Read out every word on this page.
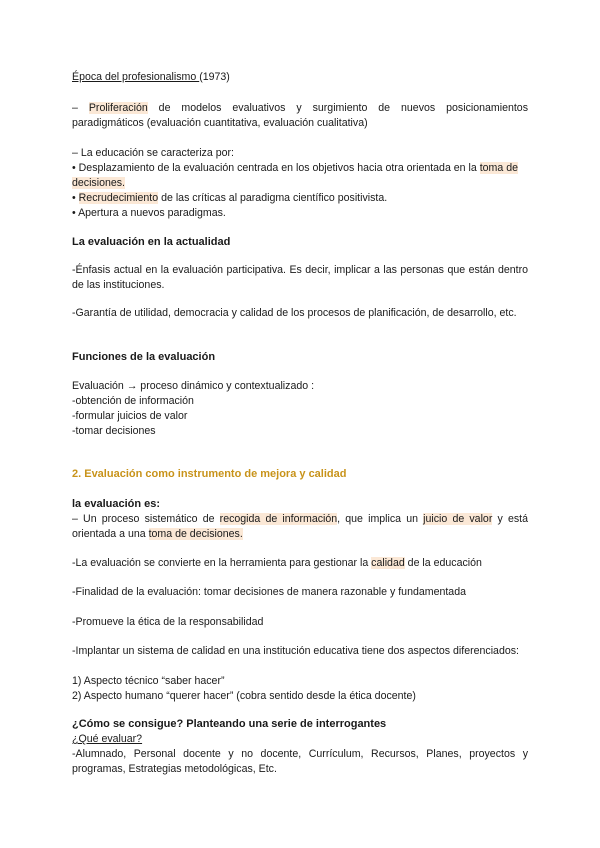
Época del profesionalismo (1973)

– Proliferación de modelos evaluativos y surgimiento de nuevos posicionamientos paradigmáticos (evaluación cuantitativa, evaluación cualitativa)

– La educación se caracteriza por:

• Desplazamiento de la evaluación centrada en los objetivos hacia otra orientada en la toma de decisiones.

• Recrudecimiento de las críticas al paradigma científico positivista.

• Apertura a nuevos paradigmas.

La evaluación en la actualidad

-Énfasis actual en la evaluación participativa. Es decir, implicar a las personas que están dentro de las instituciones.

-Garantía de utilidad, democracia y calidad de los procesos de planificación, de desarrollo, etc.

Funciones de la evaluación

Evaluación → proceso dinámico y contextualizado :

-obtención de información

-formular juicios de valor

-tomar decisiones

2. Evaluación como instrumento de mejora y calidad

la evaluación es:

– Un proceso sistemático de recogida de información, que implica un juicio de valor y está orientada a una toma de decisiones.

-La evaluación se convierte en la herramienta para gestionar la calidad de la educación

-Finalidad de la evaluación: tomar decisiones de manera razonable y fundamentada

-Promueve la ética de la responsabilidad

-Implantar un sistema de calidad en una institución educativa tiene dos aspectos diferenciados:

1) Aspecto técnico “saber hacer”

2) Aspecto humano “querer hacer” (cobra sentido desde la ética docente)

¿Cómo se consigue? Planteando una serie de interrogantes

¿Qué evaluar?

-Alumnado, Personal docente y no docente, Currículum, Recursos, Planes, proyectos y programas, Estrategias metodológicas, Etc.
